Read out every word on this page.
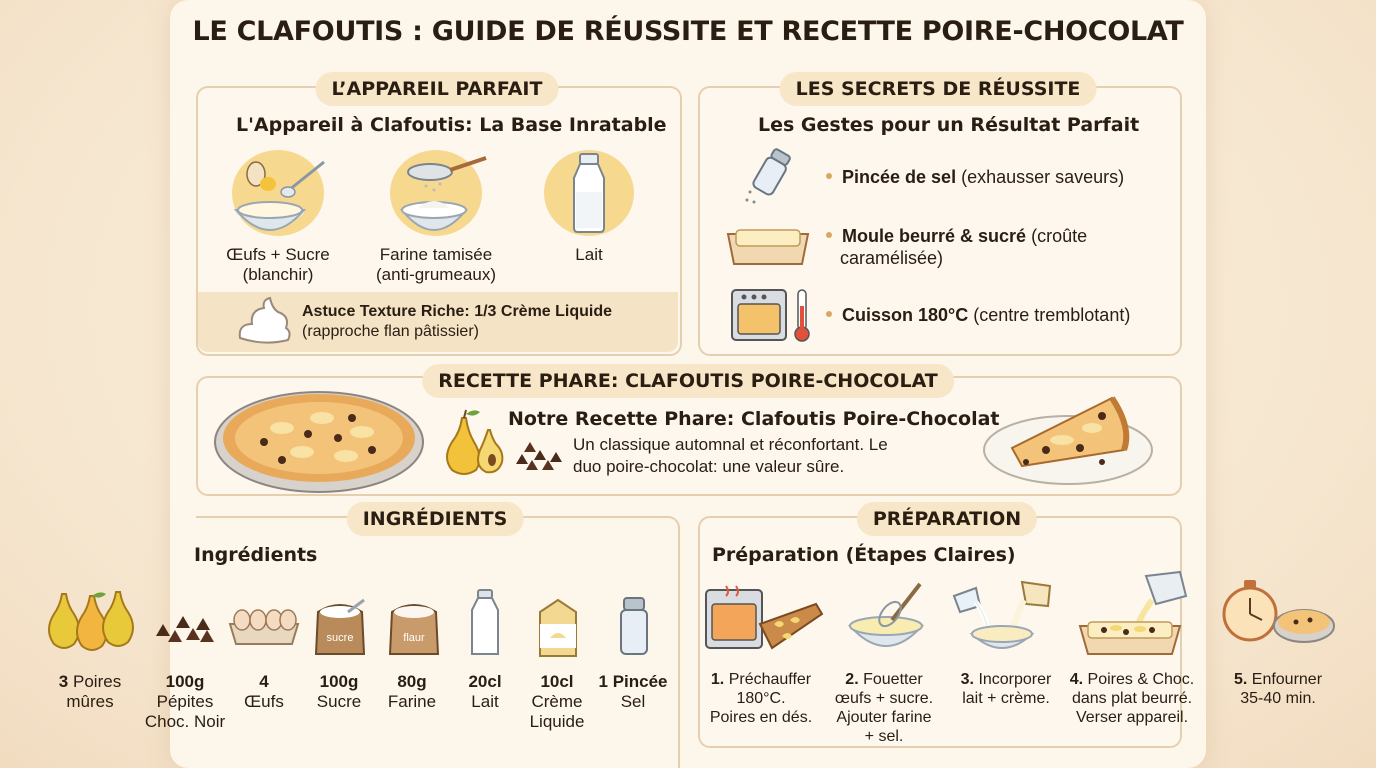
LE CLAFOUTIS : GUIDE DE RÉUSSITE ET RECETTE POIRE-CHOCOLAT
L’APPAREIL PARFAIT
L'Appareil à Clafoutis: La Base Inratable
Œufs + Sucre
(blanchir)
Farine tamisée
(anti-grumeaux)
Lait
Astuce Texture Riche: 1/3 Crème Liquide
(rapproche flan pâtissier)
LES SECRETS DE RÉUSSITE
Les Gestes pour un Résultat Parfait
Pincée de sel (exhausser saveurs)
Moule beurré & sucré (croûte
caramélisée)
Cuisson 180°C (centre tremblotant)
RECETTE PHARE: CLAFOUTIS POIRE-CHOCOLAT
Notre Recette Phare: Clafoutis Poire-Chocolat
Un classique automnal et réconfortant. Le
duo poire-chocolat: une valeur sûre.
INGRÉDIENTS
Ingrédients
3 Poires
mûres
100g
Pépites
Choc. Noir
4
Œufs
sucre
100g
Sucre
flaur
80g
Farine
20cl
Lait
10cl
Crème
Liquide
1 Pincée
Sel
PRÉPARATION
Préparation (Étapes Claires)
1. Préchauffer
180°C.
Poires en dés.
2. Fouetter
œufs + sucre.
Ajouter farine
+ sel.
3. Incorporer
lait + crème.
4. Poires & Choc.
dans plat beurré.
Verser appareil.
5. Enfourner
35-40 min.
